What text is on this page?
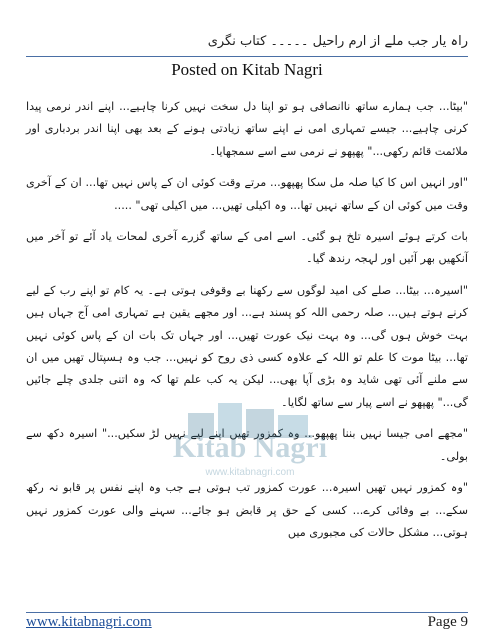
راہ یار جب ملے از ارم راحیل ۔۔۔۔۔ کتاب نگری
Posted on Kitab Nagri

"بیٹا... جب ہمارے ساتھ ناانصافی ہو تو اپنا دل سخت نہیں کرنا چاہیے... اپنے اندر نرمی پیدا کرنی چاہیے... جیسے تمہاری امی نے اپنے ساتھ زیادتی ہونے کے بعد بھی اپنا اندر بردباری اور ملائمت قائم رکھی..." پھپھو نے نرمی سے اسے سمجھایا۔

"اور انہیں اس کا کیا صلہ مل سکا پھپھو... مرتے وقت کوئی ان کے پاس نہیں تھا... ان کے آخری وقت میں کوئی ان کے ساتھ نہیں تھا... وہ اکیلی تھیں... میں اکیلی تھی" .....

بات کرتے ہوئے اسیرہ تلخ ہو گئی۔ اسے امی کے ساتھ گزرے آخری لمحات یاد آئے تو آخر میں آنکھیں بھر آئیں اور لہجہ رندھ گیا۔

"اسیرہ... بیٹا... صلے کی امید لوگوں سے رکھنا بے وقوفی ہوتی ہے۔ یہ کام تو اپنے رب کے لیے کرنے ہوتے ہیں... صلہ رحمی اللہ کو پسند ہے... اور مجھے یقین ہے تمہاری امی آج جہاں ہیں بہت خوش ہوں گی... وہ بہت نیک عورت تھیں... اور جہاں تک بات ان کے پاس کوئی نہیں تھا... بیٹا موت کا علم تو اللہ کے علاوہ کسی ذی روح کو نہیں... جب وہ ہسپتال تھیں میں ان سے ملنے آئی تھی شاید وہ بڑی آپا بھی... لیکن یہ کب علم تھا کہ وہ اتنی جلدی چلے جائیں گی..." پھپھو نے اسے پیار سے ساتھ لگایا۔

"مجھے امی جیسا نہیں بننا پھپھو... وہ کمزور تھیں اپنے لیے نہیں لڑ سکیں..." اسیرہ دکھ سے بولی۔

"وہ کمزور نہیں تھیں اسیرہ... عورت کمزور تب ہوتی ہے جب وہ اپنے نفس پر قابو نہ رکھ سکے... بے وفائی کرے... کسی کے حق پر قابض ہو جائے... سہنے والی عورت کمزور نہیں ہوتی... مشکل حالات کی مجبوری میں

Kitab Nagri
www.kitabnagri.com
www.kitabnagri.com	Page 9
